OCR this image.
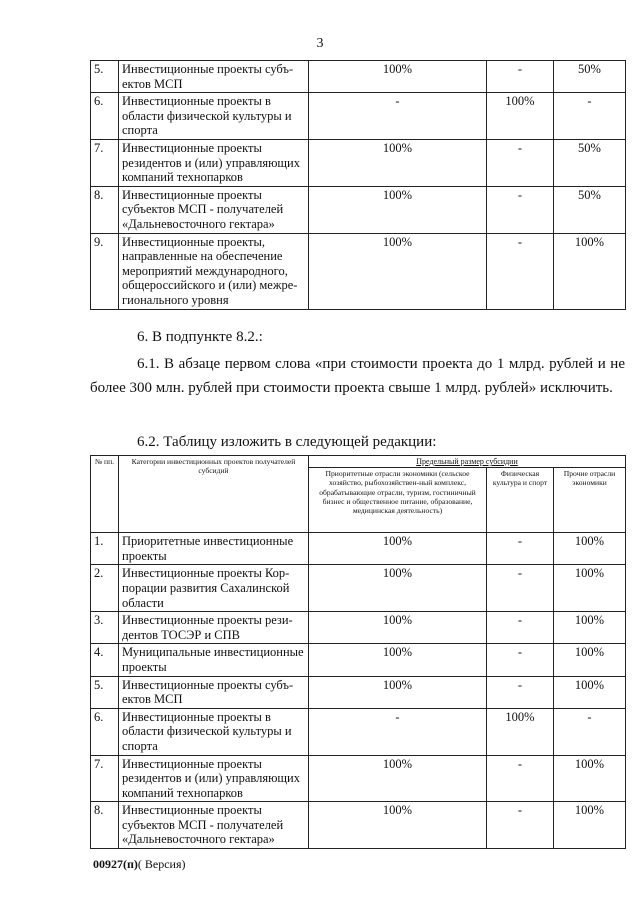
3
5.	Инвестиционные проекты субъ-ектов МСП	100%	-	50%
6.	Инвестиционные проекты в области физической культуры и спорта	-	100%	-
7.	Инвестиционные проекты резидентов и (или) управляющих компаний технопарков	100%	-	50%
8.	Инвестиционные проекты субъектов МСП - получателей «Дальневосточного гектара»	100%	-	50%
9.	Инвестиционные проекты, направленные на обеспечение мероприятий международного, общероссийского и (или) межре-гионального уровня	100%	-	100%
6. В подпункте 8.2.:
6.1. В абзаце первом слова «при стоимости проекта до 1 млрд. рублей и не более 300 млн. рублей при стоимости проекта свыше 1 млрд. рублей» исключить.
6.2. Таблицу изложить в следующей редакции:
№ пп.	Категории инвестиционных проектов получателей субсидий	Предельный размер субсидии		
		Приоритетные отрасли экономики (сельское хозяйство, рыбохозяйствен-ный комплекс, обрабатывающие отрасли, туризм, гостиничный бизнес и общественное питание, образование, медицинская деятельность)	Физическая культура и спорт	Прочие отрасли экономики
1.	Приоритетные инвестиционные проекты	100%	-	100%
2.	Инвестиционные проекты Кор-порации развития Сахалинской области	100%	-	100%
3.	Инвестиционные проекты рези-дентов ТОСЭР и СПВ	100%	-	100%
4.	Муниципальные инвестиционные проекты	100%	-	100%
5.	Инвестиционные проекты субъ-ектов МСП	100%	-	100%
6.	Инвестиционные проекты в области физической культуры и спорта	-	100%	-
7.	Инвестиционные проекты резидентов и (или) управляющих компаний технопарков	100%	-	100%
8.	Инвестиционные проекты субъектов МСП - получателей «Дальневосточного гектара»	100%	-	100%
00927(п)( Версия)
